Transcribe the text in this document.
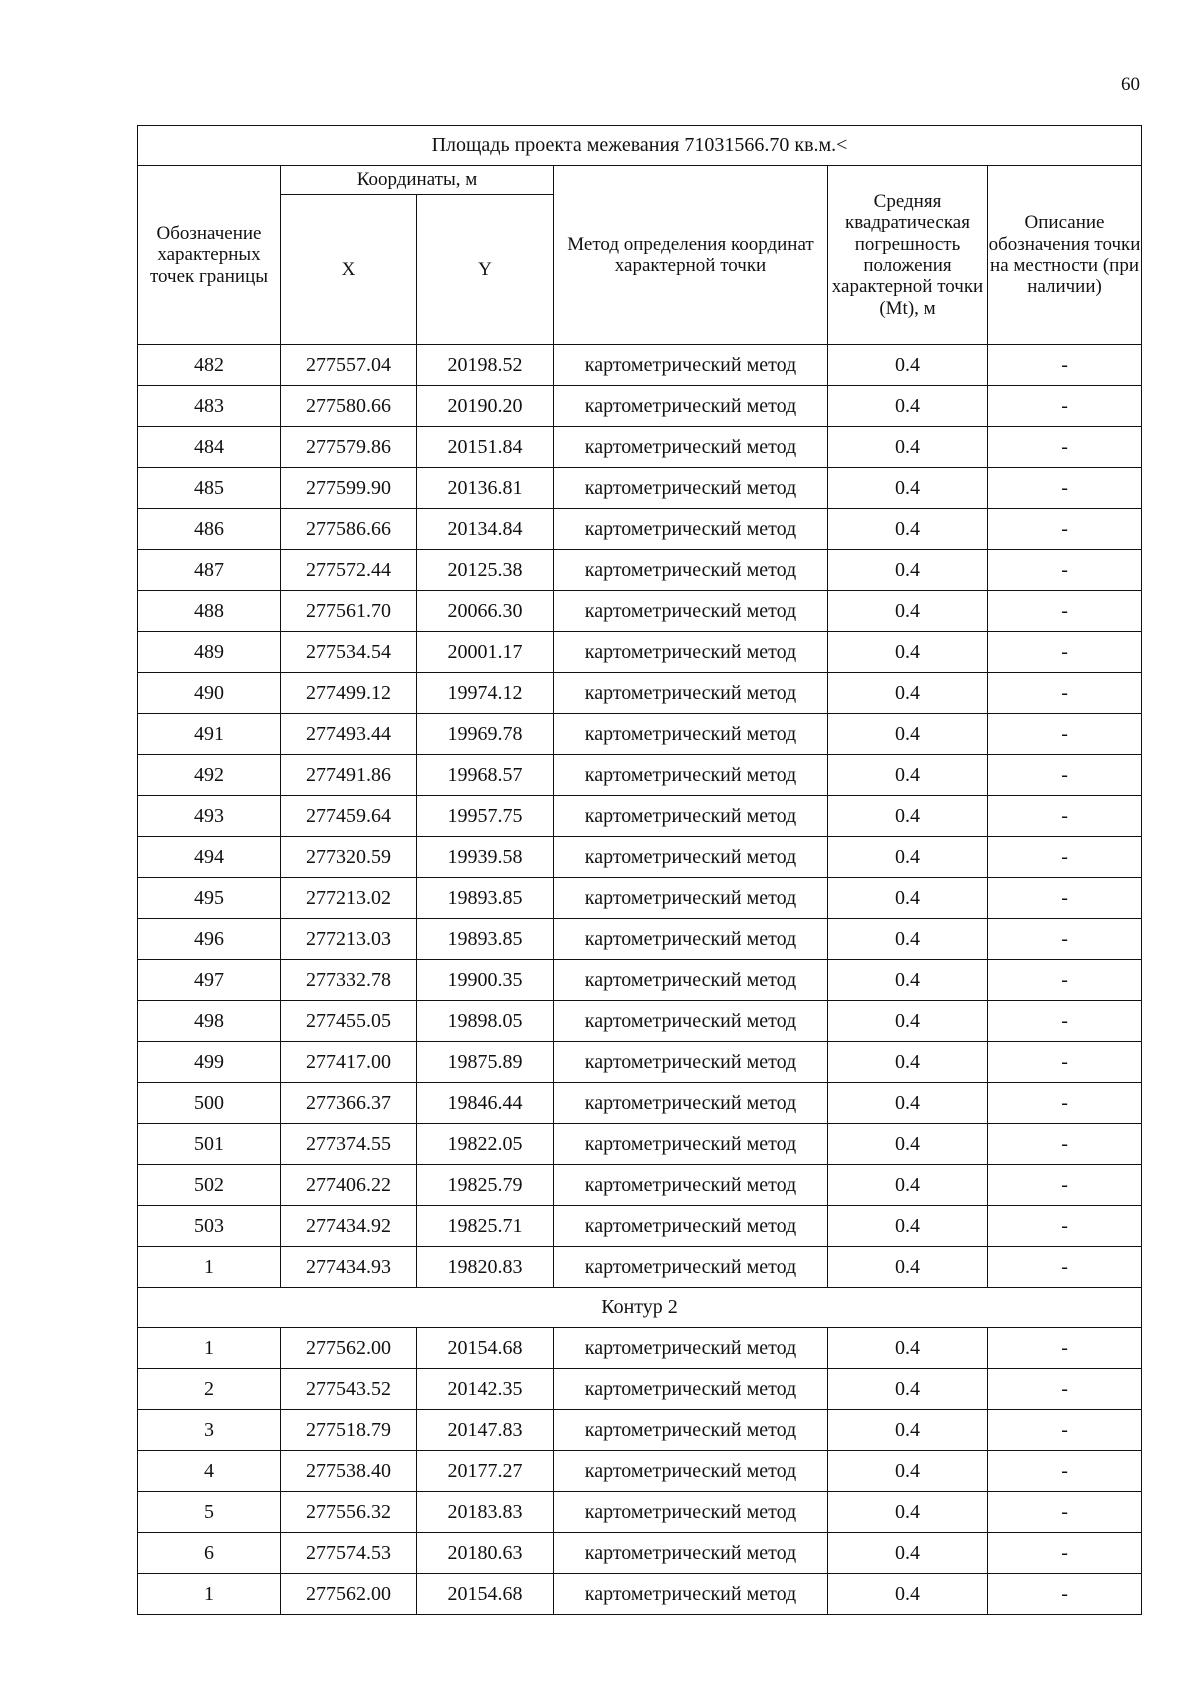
60
Площадь проекта межевания 71031566.70 кв.м.<					
Обозначение характерных точек границы	Координаты, м		Метод определения координат характерной точки	Средняя квадратическая погрешность положения характерной точки (Mt), м	Описание обозначения точки на местности (при наличии)
	X	Y			
482	277557.04	20198.52	картометрический метод	0.4	-
483	277580.66	20190.20	картометрический метод	0.4	-
484	277579.86	20151.84	картометрический метод	0.4	-
485	277599.90	20136.81	картометрический метод	0.4	-
486	277586.66	20134.84	картометрический метод	0.4	-
487	277572.44	20125.38	картометрический метод	0.4	-
488	277561.70	20066.30	картометрический метод	0.4	-
489	277534.54	20001.17	картометрический метод	0.4	-
490	277499.12	19974.12	картометрический метод	0.4	-
491	277493.44	19969.78	картометрический метод	0.4	-
492	277491.86	19968.57	картометрический метод	0.4	-
493	277459.64	19957.75	картометрический метод	0.4	-
494	277320.59	19939.58	картометрический метод	0.4	-
495	277213.02	19893.85	картометрический метод	0.4	-
496	277213.03	19893.85	картометрический метод	0.4	-
497	277332.78	19900.35	картометрический метод	0.4	-
498	277455.05	19898.05	картометрический метод	0.4	-
499	277417.00	19875.89	картометрический метод	0.4	-
500	277366.37	19846.44	картометрический метод	0.4	-
501	277374.55	19822.05	картометрический метод	0.4	-
502	277406.22	19825.79	картометрический метод	0.4	-
503	277434.92	19825.71	картометрический метод	0.4	-
1	277434.93	19820.83	картометрический метод	0.4	-
Контур 2					
1	277562.00	20154.68	картометрический метод	0.4	-
2	277543.52	20142.35	картометрический метод	0.4	-
3	277518.79	20147.83	картометрический метод	0.4	-
4	277538.40	20177.27	картометрический метод	0.4	-
5	277556.32	20183.83	картометрический метод	0.4	-
6	277574.53	20180.63	картометрический метод	0.4	-
1	277562.00	20154.68	картометрический метод	0.4	-
